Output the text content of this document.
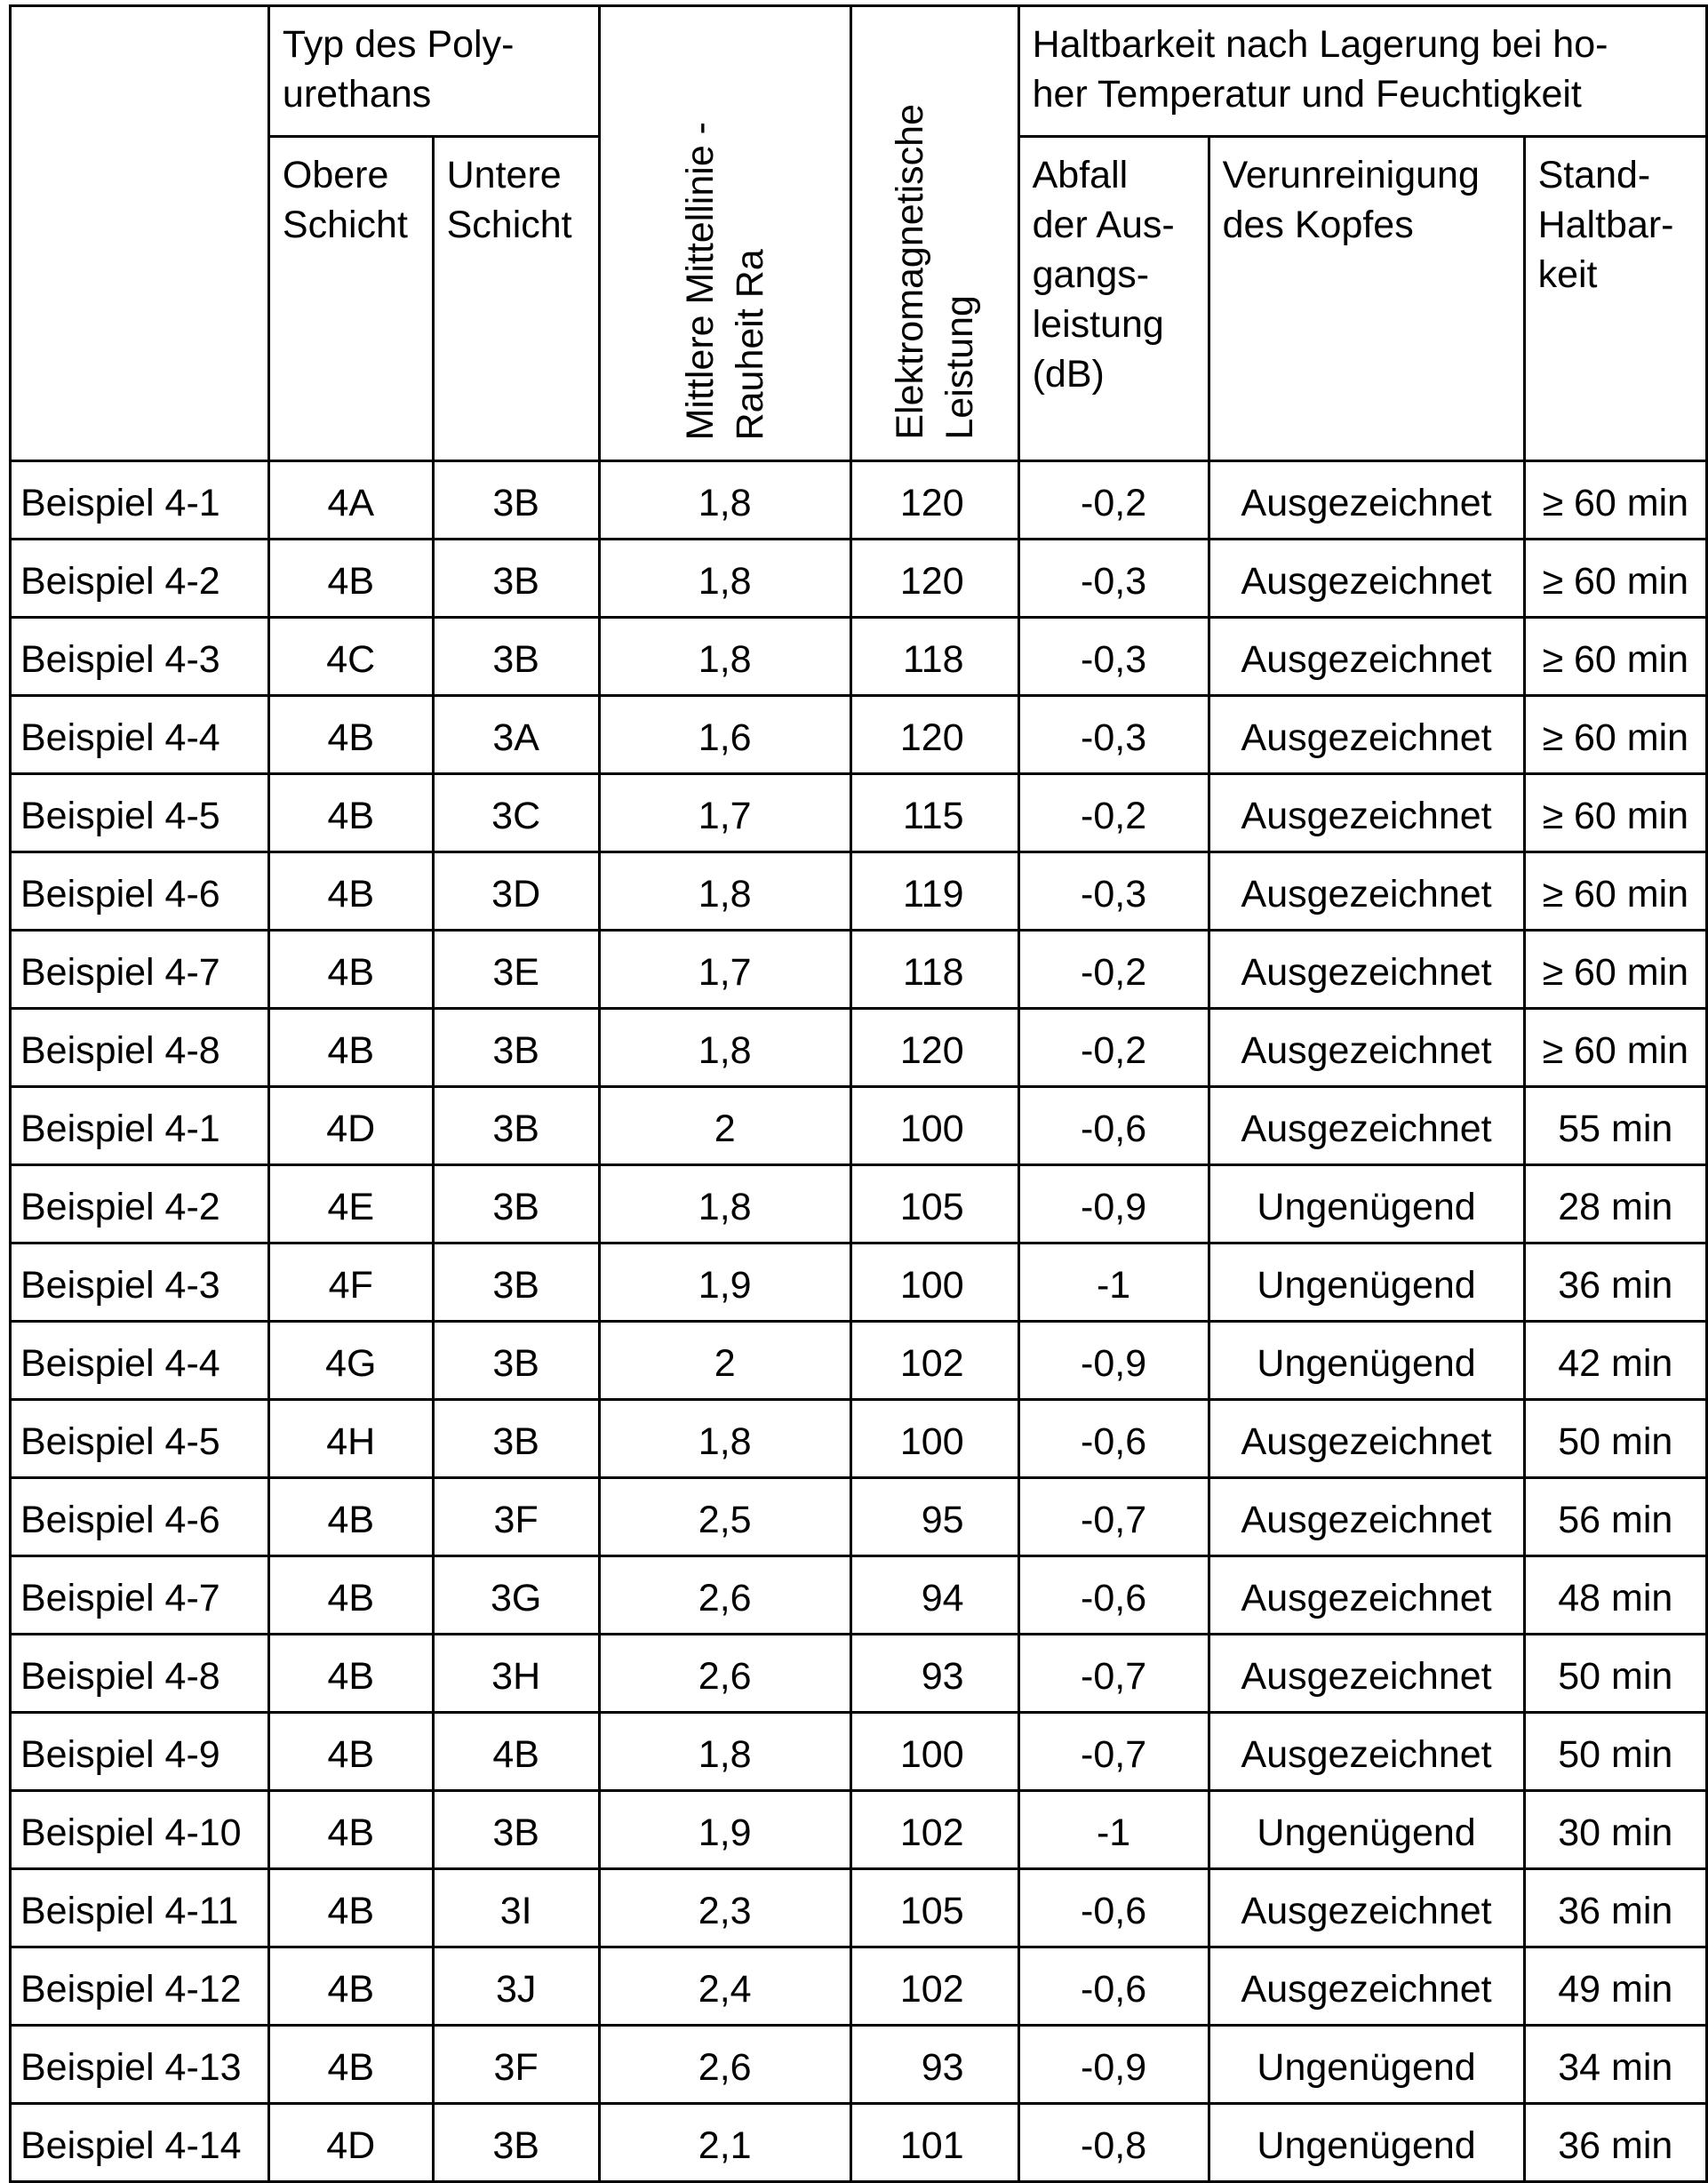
	Typ des Poly-
urethans	
Mittlere Mittellinie -
Rauheit Ra	Elektromagnetische
Leistung
	Haltbarkeit nach Lagerung bei ho-
her Temperatur und Feuchtigkeit
Obere
Schicht	Untere
Schicht	Abfall
der Aus-
gangs-
leistung
(dB)	Verunreinigung
des Kopfes	Stand-
Haltbar-
keit
Beispiel 4-1	4A	3B	1,8	120	-0,2	Ausgezeichnet	≥ 60 min
Beispiel 4-2	4B	3B	1,8	120	-0,3	Ausgezeichnet	≥ 60 min
Beispiel 4-3	4C	3B	1,8	118	-0,3	Ausgezeichnet	≥ 60 min
Beispiel 4-4	4B	3A	1,6	120	-0,3	Ausgezeichnet	≥ 60 min
Beispiel 4-5	4B	3C	1,7	115	-0,2	Ausgezeichnet	≥ 60 min
Beispiel 4-6	4B	3D	1,8	119	-0,3	Ausgezeichnet	≥ 60 min
Beispiel 4-7	4B	3E	1,7	118	-0,2	Ausgezeichnet	≥ 60 min
Beispiel 4-8	4B	3B	1,8	120	-0,2	Ausgezeichnet	≥ 60 min
Beispiel 4-1	4D	3B	2	100	-0,6	Ausgezeichnet	55 min
Beispiel 4-2	4E	3B	1,8	105	-0,9	Ungenügend	28 min
Beispiel 4-3	4F	3B	1,9	100	-1	Ungenügend	36 min
Beispiel 4-4	4G	3B	2	102	-0,9	Ungenügend	42 min
Beispiel 4-5	4H	3B	1,8	100	-0,6	Ausgezeichnet	50 min
Beispiel 4-6	4B	3F	2,5	95	-0,7	Ausgezeichnet	56 min
Beispiel 4-7	4B	3G	2,6	94	-0,6	Ausgezeichnet	48 min
Beispiel 4-8	4B	3H	2,6	93	-0,7	Ausgezeichnet	50 min
Beispiel 4-9	4B	4B	1,8	100	-0,7	Ausgezeichnet	50 min
Beispiel 4-10	4B	3B	1,9	102	-1	Ungenügend	30 min
Beispiel 4-11	4B	3I	2,3	105	-0,6	Ausgezeichnet	36 min
Beispiel 4-12	4B	3J	2,4	102	-0,6	Ausgezeichnet	49 min
Beispiel 4-13	4B	3F	2,6	93	-0,9	Ungenügend	34 min
Beispiel 4-14	4D	3B	2,1	101	-0,8	Ungenügend	36 min
